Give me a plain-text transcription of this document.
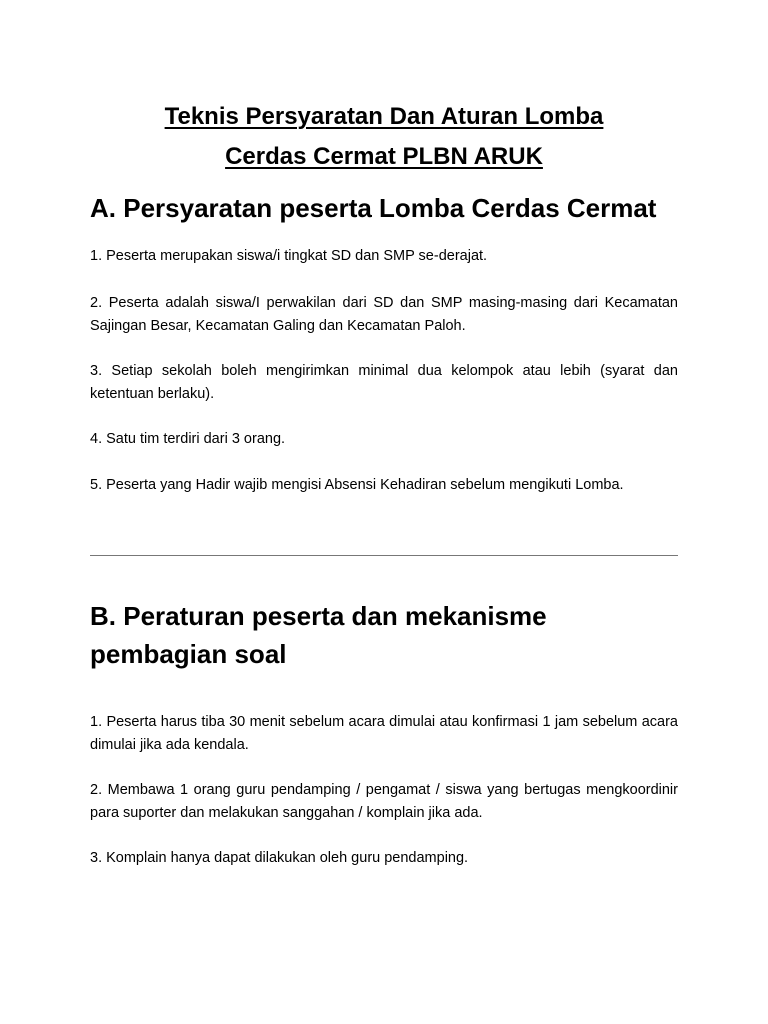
Teknis Persyaratan Dan Aturan Lomba
Cerdas Cermat PLBN ARUK
A. Persyaratan peserta Lomba Cerdas Cermat
1. Peserta merupakan siswa/i tingkat SD dan SMP se-derajat.
2. Peserta adalah siswa/I perwakilan dari SD dan SMP masing-masing dari Kecamatan Sajingan Besar, Kecamatan Galing dan Kecamatan Paloh.
3. Setiap sekolah boleh mengirimkan minimal dua kelompok atau lebih (syarat dan ketentuan berlaku).
4. Satu tim terdiri dari 3 orang.
5. Peserta yang Hadir wajib mengisi Absensi Kehadiran sebelum mengikuti Lomba.
B. Peraturan peserta dan mekanisme pembagian soal
1. Peserta harus tiba 30 menit sebelum acara dimulai atau konfirmasi 1 jam sebelum acara dimulai jika ada kendala.
2. Membawa 1 orang guru pendamping / pengamat / siswa yang bertugas mengkoordinir para suporter dan melakukan sanggahan / komplain jika ada.
3. Komplain hanya dapat dilakukan oleh guru pendamping.
